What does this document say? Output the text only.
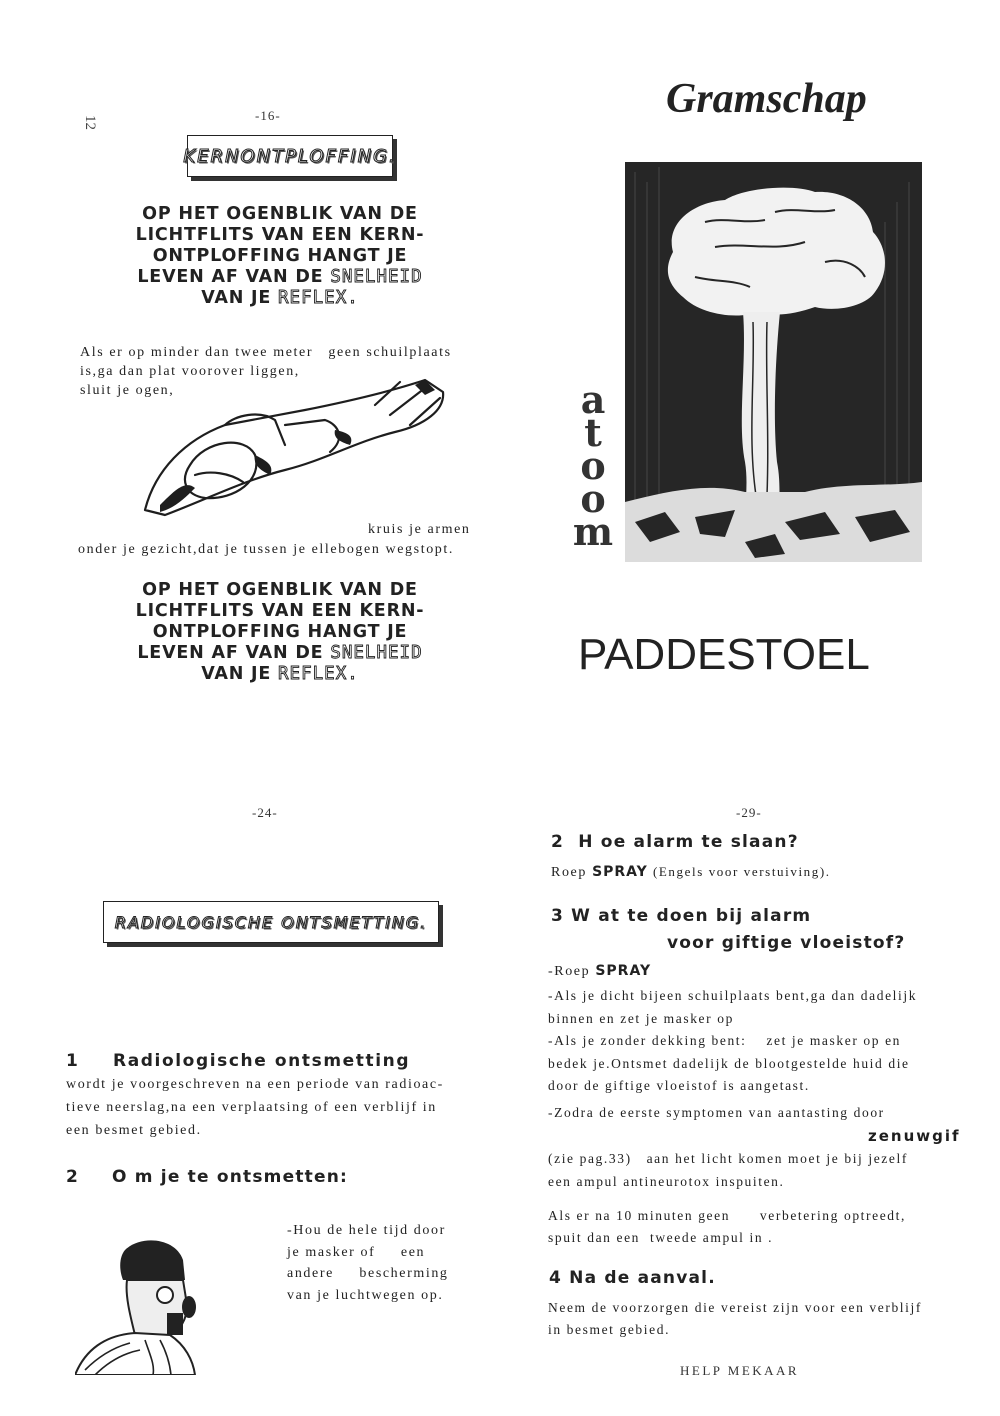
12	-16-
KERNONTPLOFFING.
OP HET OGENBLIK VAN DE
LICHTFLITS VAN EEN KERN-
ONTPLOFFING HANGT JE
LEVEN AF VAN DE SNELHEID
VAN JE REFLEX.
Als er op minder dan twee meter   geen schuilplaats
is,ga dan plat voorover liggen,
sluit je ogen,
kruis je armen
onder je gezicht,dat je tussen je ellebogen wegstopt.
OP HET OGENBLIK VAN DE
LICHTFLITS VAN EEN KERN-
ONTPLOFFING HANGT JE
LEVEN AF VAN DE SNELHEID
VAN JE REFLEX.
Gramschap
a
t
o
o
m
PADDESTOEL
-24-
RADIOLOGISCHE ONTSMETTING.
1 Radiologische ontsmetting
wordt je voorgeschreven na een periode van radioac-
tieve neerslag,na een verplaatsing of een verblijf in
een besmet gebied.
2 O m je te ontsmetten:
-Hou de hele tijd door
je masker of     een
andere     bescherming
van je luchtwegen op.
-29-
2  H oe alarm te slaan?
Roep SPRAY (Engels voor verstuiving).
3 W at te doen bij alarm
voor giftige vloeistof?
-Roep SPRAY
-Als je dicht bijeen schuilplaats bent,ga dan dadelijk
binnen en zet je masker op
-Als je zonder dekking bent:    zet je masker op en
bedek je.Ontsmet dadelijk de blootgestelde huid die
door de giftige vloeistof is aangetast.
-Zodra de eerste symptomen van aantasting door
zenuwgif
(zie pag.33)   aan het licht komen moet je bij jezelf
een ampul antineurotox inspuiten.
Als er na 10 minuten geen      verbetering optreedt,
spuit dan een  tweede ampul in .
4 Na de aanval.
Neem de voorzorgen die vereist zijn voor een verblijf
in besmet gebied.
HELP MEKAAR
